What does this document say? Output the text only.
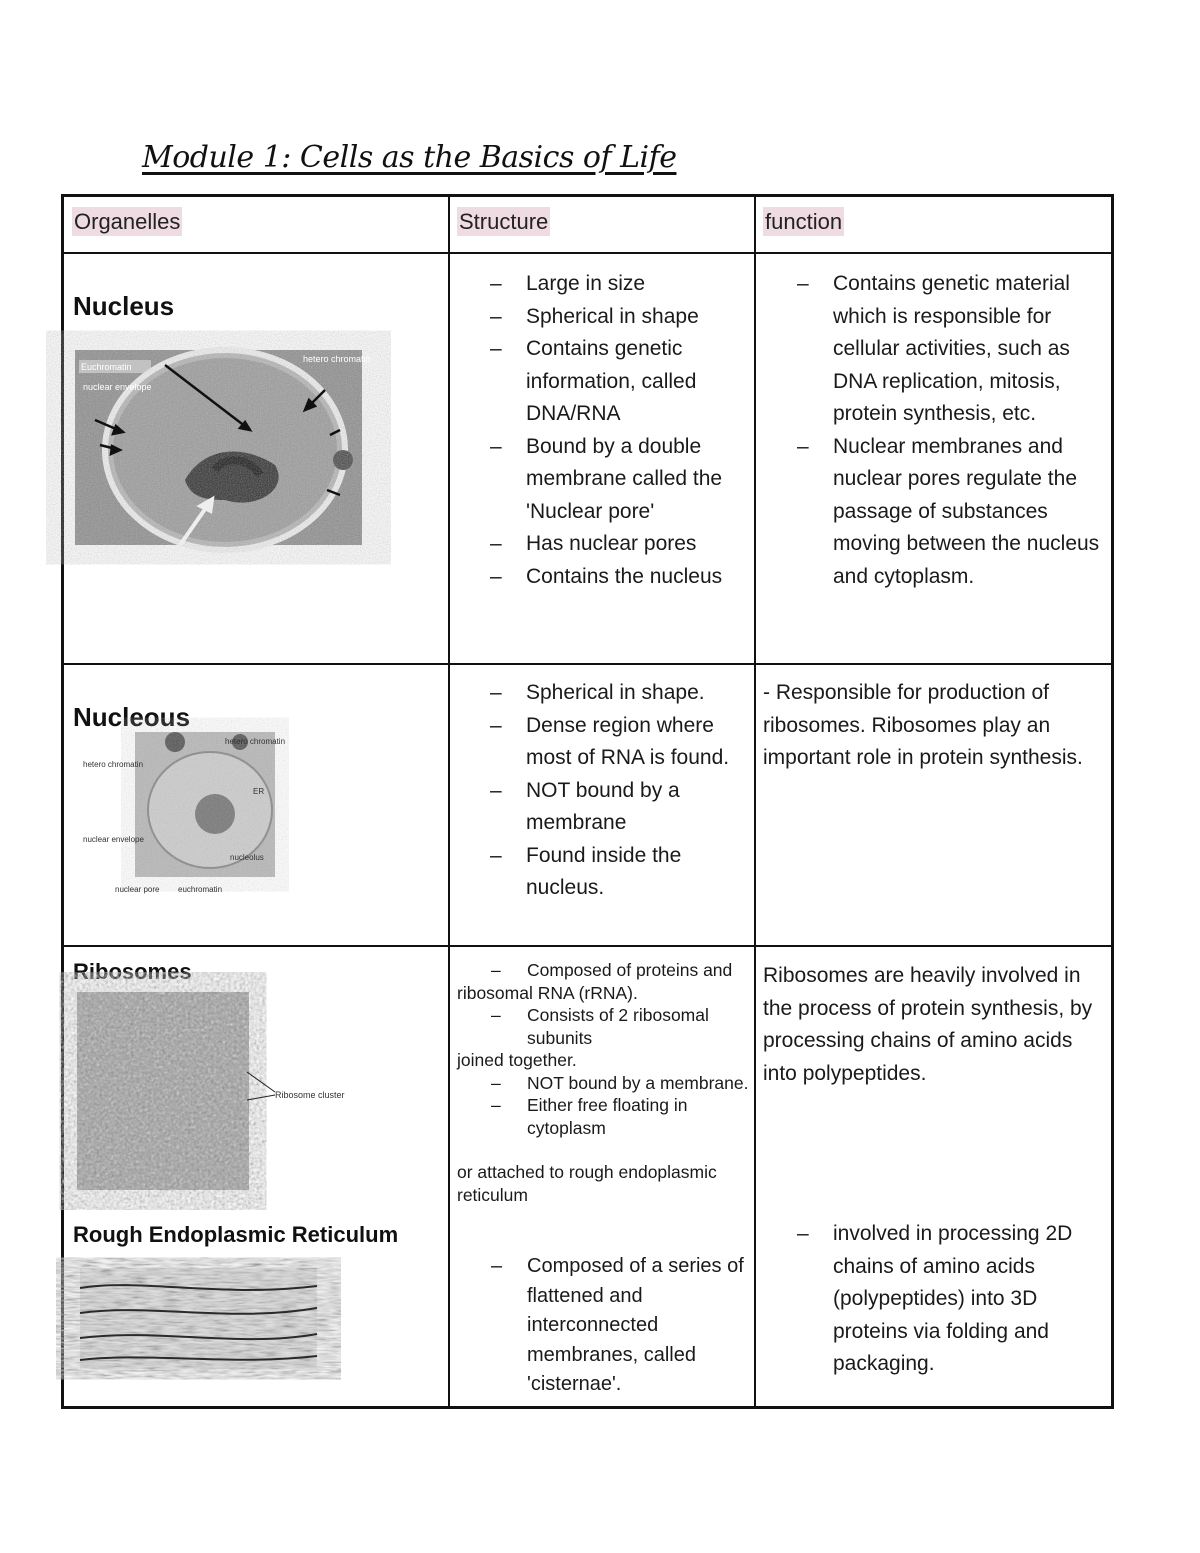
Module 1: Cells as the Basics of Life
Organelles	Structure	function

Nucleus

Euchromatin
nuclear envelope
hetero chromatin
– Large in size
– Spherical in shape
– Contains genetic information, called DNA/RNA
– Bound by a double membrane called the 'Nuclear pore'
– Has nuclear pores
– Contains the nucleus
– Contains genetic material which is responsible for cellular activities, such as DNA replication, mitosis, protein synthesis, etc.
– Nuclear membranes and nuclear pores regulate the passage of substances moving between the nucleus and cytoplasm.

Nucleous

hetero chromatin
hetero chromatin
ER
nuclear envelope
nucleolus
nuclear pore euchromatin
– Spherical in shape.
– Dense region where most of RNA is found.
– NOT bound by a membrane
– Found inside the nucleus.

- Responsible for production of ribosomes. Ribosomes play an important role in protein synthesis.

Ribosomes

Ribosome cluster

Rough Endoplasmic Reticulum

– Composed of proteins and

ribosomal RNA (rRNA).

– Consists of 2 ribosomal subunits

joined together.

– NOT bound by a membrane.
– Either free floating in cytoplasm

or attached to rough endoplasmic reticulum

– Composed of a series of flattened and interconnected membranes, called 'cisternae'.

Ribosomes are heavily involved in the process of protein synthesis, by processing chains of amino acids into polypeptides.

– involved in processing 2D chains of amino acids (polypeptides) into 3D proteins via folding and packaging.
